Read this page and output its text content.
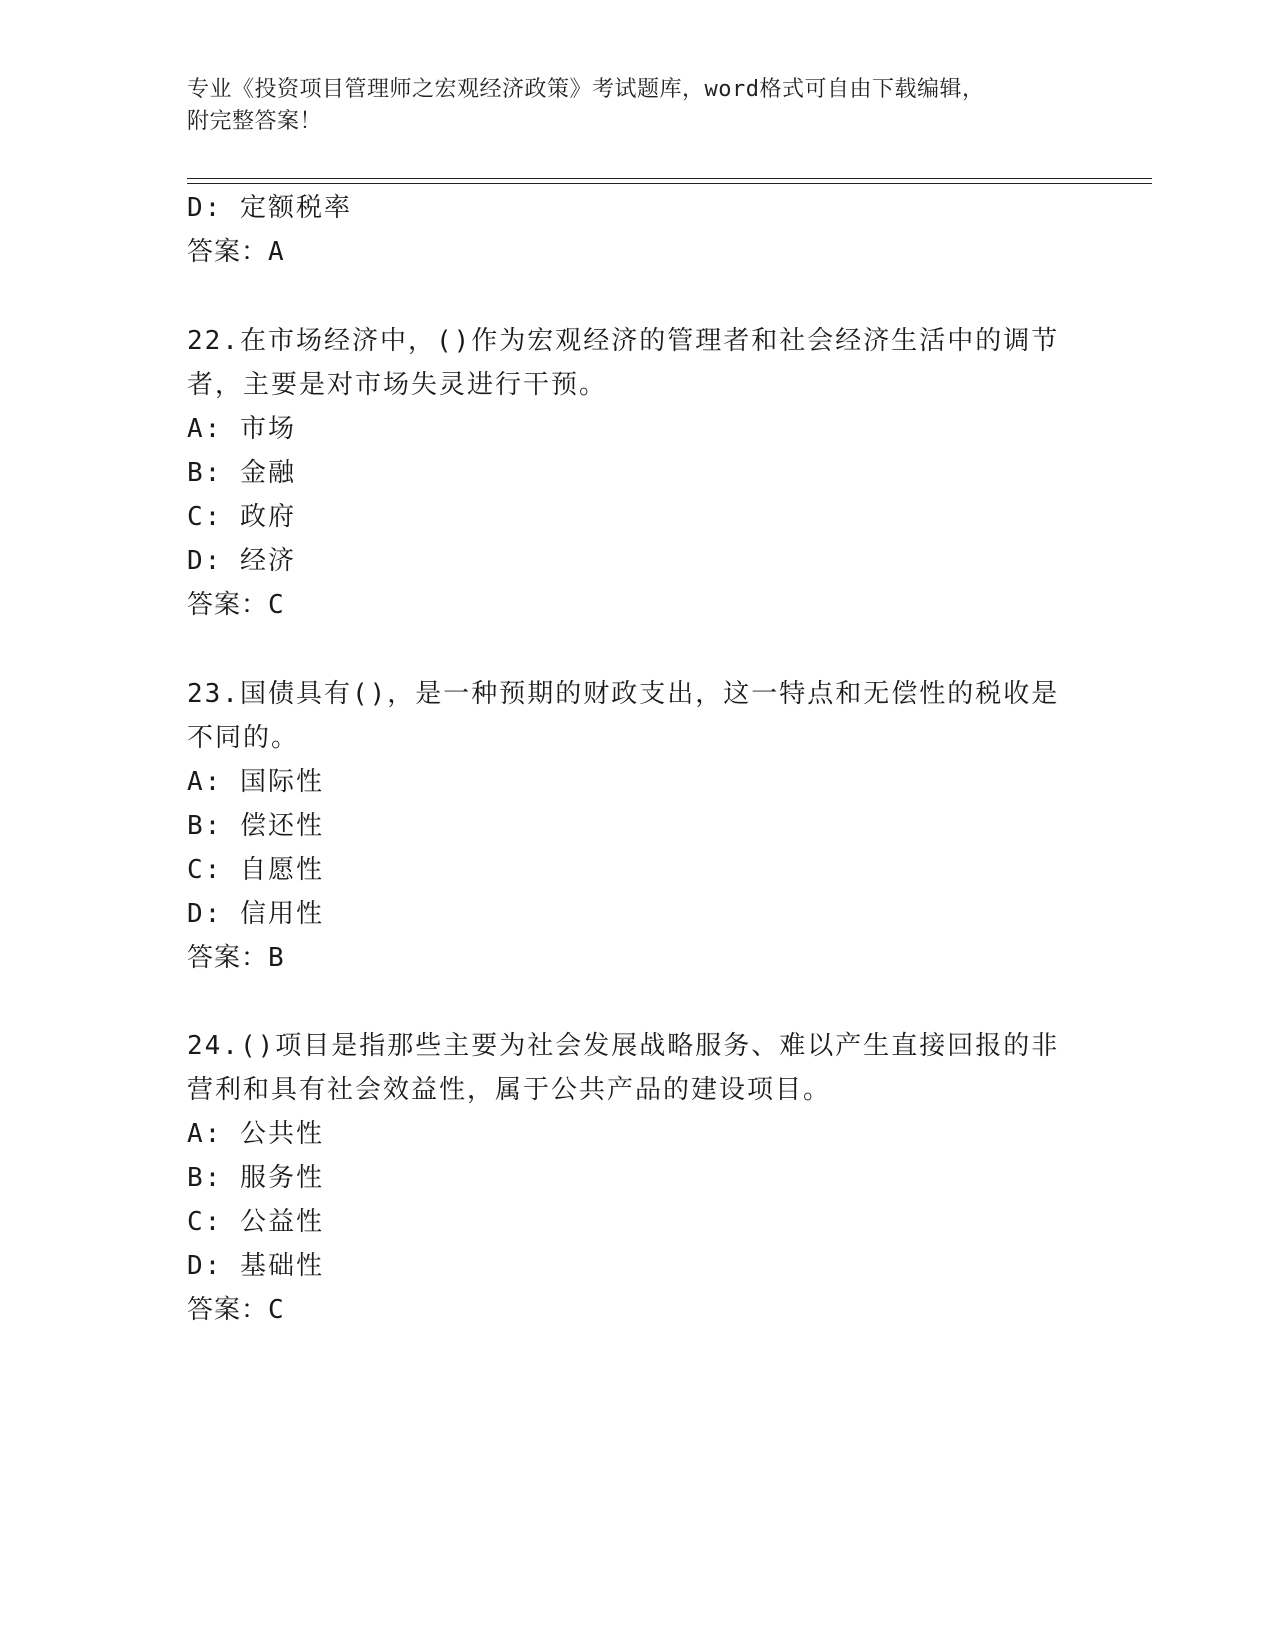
专业《投资项目管理师之宏观经济政策》考试题库，word格式可自由下载编辑，
附完整答案！
D: 定额税率
答案：A
22.在市场经济中，()作为宏观经济的管理者和社会经济生活中的调节
者，主要是对市场失灵进行干预。
A: 市场
B: 金融
C: 政府
D: 经济
答案：C
23.国债具有()，是一种预期的财政支出，这一特点和无偿性的税收是
不同的。
A: 国际性
B: 偿还性
C: 自愿性
D: 信用性
答案：B
24.()项目是指那些主要为社会发展战略服务、难以产生直接回报的非
营利和具有社会效益性，属于公共产品的建设项目。
A: 公共性
B: 服务性
C: 公益性
D: 基础性
答案：C
